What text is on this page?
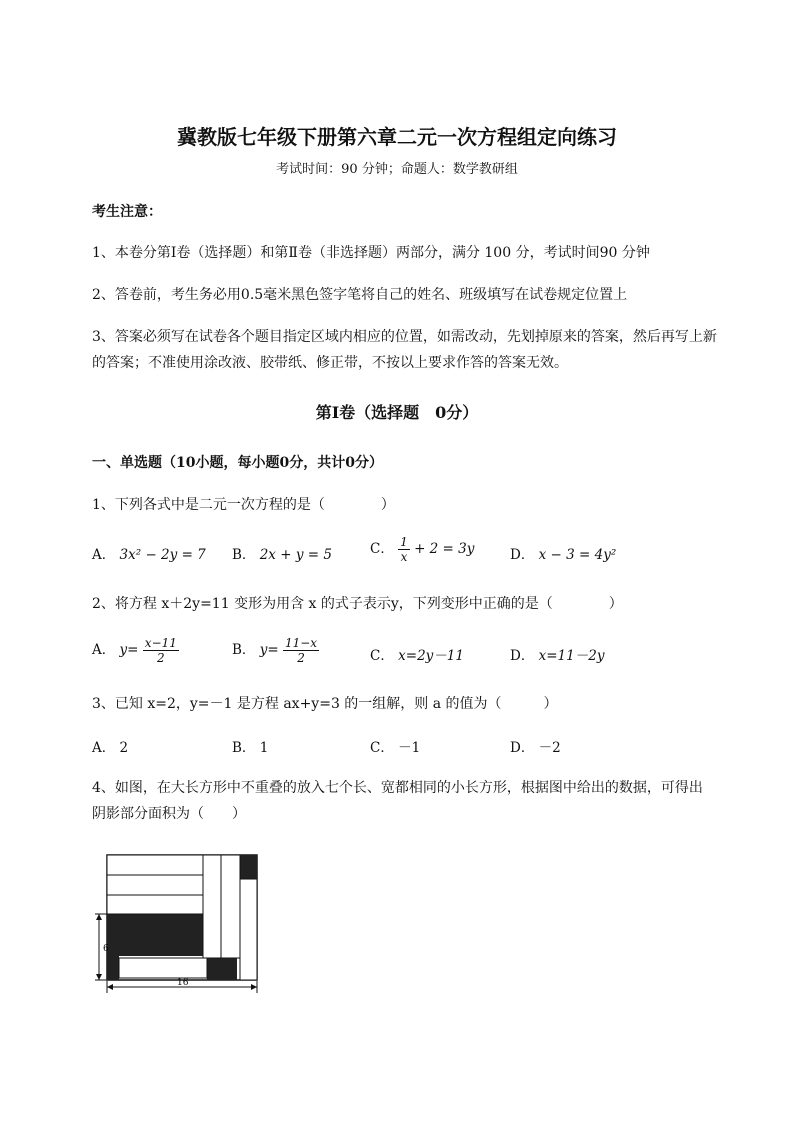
冀教版七年级下册第六章二元一次方程组定向练习
考试时间：90 分钟；命题人：数学教研组
考生注意：
1、本卷分第Ⅰ卷（选择题）和第Ⅱ卷（非选择题）两部分，满分 100 分，考试时间90 分钟
2、答卷前，考生务必用0.5毫米黑色签字笔将自己的姓名、班级填写在试卷规定位置上
3、答案必须写在试卷各个题目指定区域内相应的位置，如需改动，先划掉原来的答案，然后再写上新
的答案；不准使用涂改液、胶带纸、修正带，不按以上要求作答的答案无效。
第Ⅰ卷（选择题　0分）
一、单选题（10小题，每小题0分，共计0分）
1、下列各式中是二元一次方程的是（　　　　）
A． 3x² − 2y = 7 B． 2x + y = 5	C． $\frac{1}{x} + 2 = 3y$	D． x − 3 = 4y²
2、将方程 x＋2y=11 变形为用含 x 的式子表示y，下列变形中正确的是（　　　　）
A． $y= \frac{x-11}{2}$	B． $y= \frac{11-x}{2}$	C． x=2y－11	D． x=11－2y
3、已知 x=2，y=－1 是方程 ax+y=3 的一组解，则 a 的值为（　　　）
A． 2	B． 1	C． －1	D． －2
4、如图，在大长方形中不重叠的放入七个长、宽都相同的小长方形，根据图中给出的数据，可得出
阴影部分面积为（　　）
6
16
